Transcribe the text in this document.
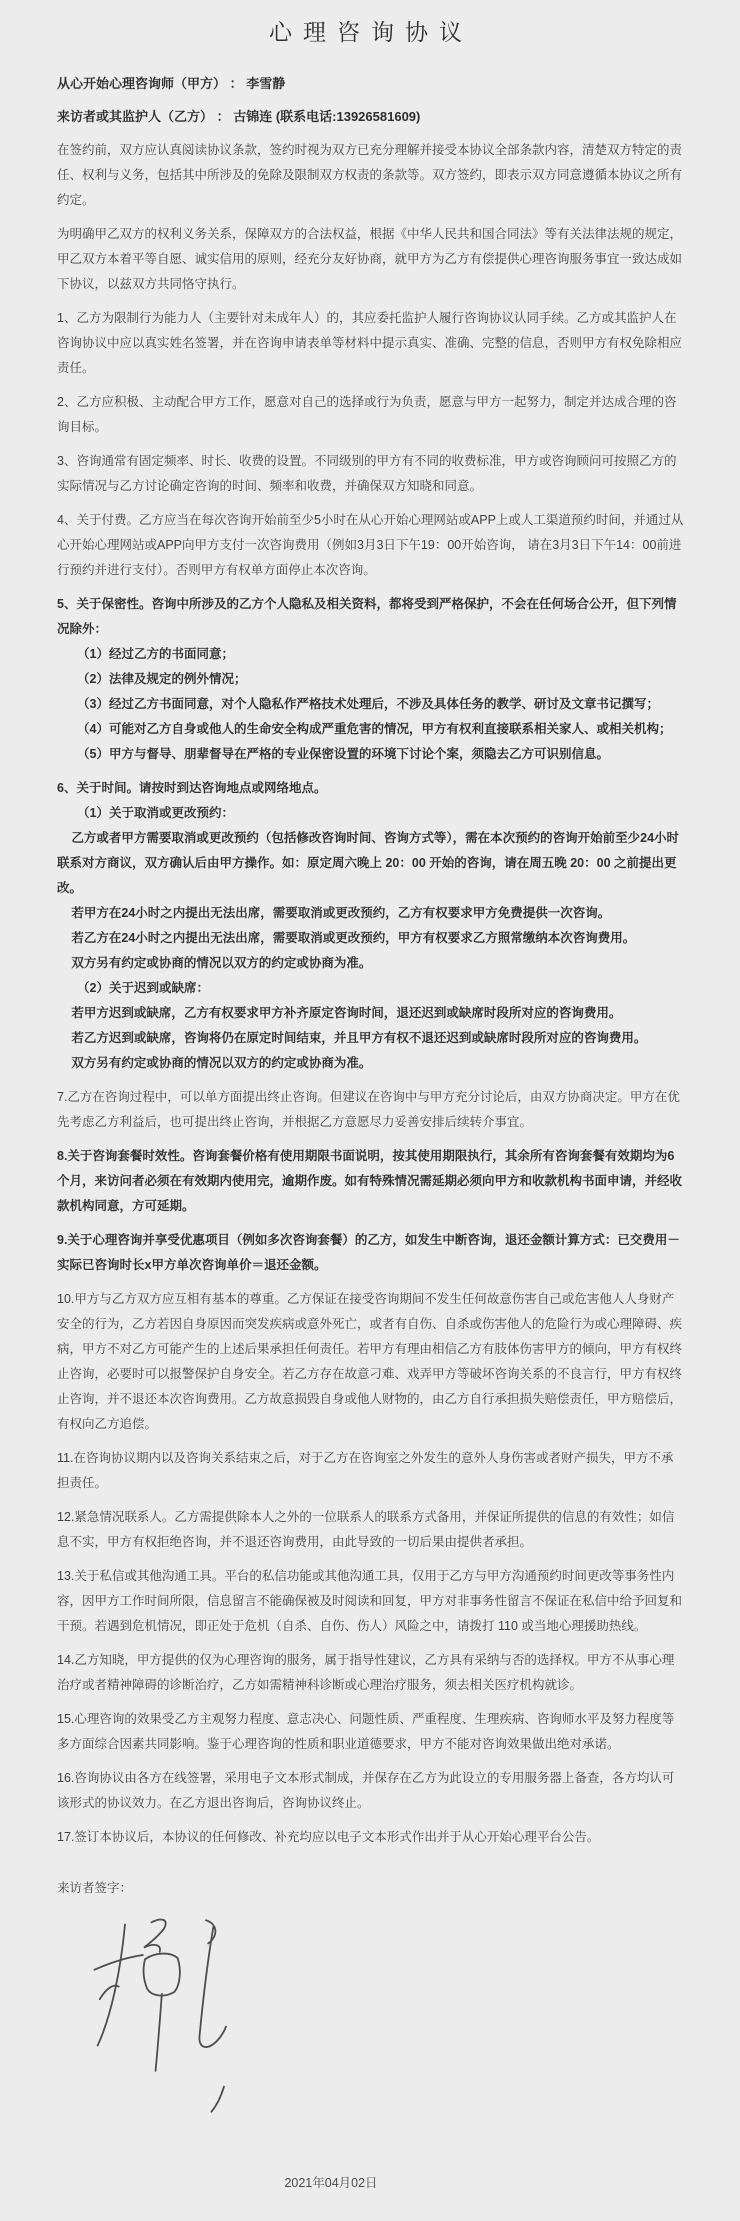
心理咨询协议

从心开始心理咨询师（甲方） ： 李雪静

来访者或其监护人（乙方） ： 古锦连 (联系电话:13926581609)

在签约前，双方应认真阅读协议条款，签约时视为双方已充分理解并接受本协议全部条款内容，清楚双方特定的责任、权利与义务，包括其中所涉及的免除及限制双方权责的条款等。双方签约，即表示双方同意遵循本协议之所有约定。

为明确甲乙双方的权利义务关系，保障双方的合法权益，根据《中华人民共和国合同法》等有关法律法规的规定，甲乙双方本着平等自愿、诚实信用的原则，经充分友好协商，就甲方为乙方有偿提供心理咨询服务事宜一致达成如下协议，以兹双方共同恪守执行。

1、乙方为限制行为能力人（主要针对未成年人）的，其应委托监护人履行咨询协议认同手续。乙方或其监护人在咨询协议中应以真实姓名签署，并在咨询申请表单等材料中提示真实、准确、完整的信息，否则甲方有权免除相应责任。

2、乙方应积极、主动配合甲方工作，愿意对自己的选择或行为负责，愿意与甲方一起努力，制定并达成合理的咨询目标。

3、咨询通常有固定频率、时长、收费的设置。不同级别的甲方有不同的收费标准，甲方或咨询顾问可按照乙方的实际情况与乙方讨论确定咨询的时间、频率和收费，并确保双方知晓和同意。

4、关于付费。乙方应当在每次咨询开始前至少5小时在从心开始心理网站或APP上或人工渠道预约时间，并通过从心开始心理网站或APP向甲方支付一次咨询费用（例如3月3日下午19：00开始咨询， 请在3月3日下午14：00前进行预约并进行支付）。否则甲方有权单方面停止本次咨询。

5、关于保密性。咨询中所涉及的乙方个人隐私及相关资料，都将受到严格保护，不会在任何场合公开，但下列情况除外：

（1）经过乙方的书面同意；

（2）法律及规定的例外情况；

（3）经过乙方书面同意，对个人隐私作严格技术处理后，不涉及具体任务的教学、研讨及文章书记撰写；

（4）可能对乙方自身或他人的生命安全构成严重危害的情况，甲方有权利直接联系相关家人、或相关机构；

（5）甲方与督导、朋辈督导在严格的专业保密设置的环境下讨论个案，须隐去乙方可识别信息。

6、关于时间。请按时到达咨询地点或网络地点。

（1）关于取消或更改预约：

乙方或者甲方需要取消或更改预约（包括修改咨询时间、咨询方式等），需在本次预约的咨询开始前至少24小时联系对方商议，双方确认后由甲方操作。如：原定周六晚上 20：00 开始的咨询，请在周五晚 20：00 之前提出更改。

若甲方在24小时之内提出无法出席，需要取消或更改预约，乙方有权要求甲方免费提供一次咨询。

若乙方在24小时之内提出无法出席，需要取消或更改预约，甲方有权要求乙方照常缴纳本次咨询费用。

双方另有约定或协商的情况以双方的约定或协商为准。

（2）关于迟到或缺席：

若甲方迟到或缺席，乙方有权要求甲方补齐原定咨询时间，退还迟到或缺席时段所对应的咨询费用。

若乙方迟到或缺席，咨询将仍在原定时间结束，并且甲方有权不退还迟到或缺席时段所对应的咨询费用。

双方另有约定或协商的情况以双方的约定或协商为准。

7.乙方在咨询过程中，可以单方面提出终止咨询。但建议在咨询中与甲方充分讨论后，由双方协商决定。甲方在优先考虑乙方利益后，也可提出终止咨询，并根据乙方意愿尽力妥善安排后续转介事宜。

8.关于咨询套餐时效性。咨询套餐价格有使用期限书面说明，按其使用期限执行，其余所有咨询套餐有效期均为6个月，来访问者必须在有效期内使用完，逾期作废。如有特殊情况需延期必须向甲方和收款机构书面申请，并经收款机构同意，方可延期。

9.关于心理咨询并享受优惠项目（例如多次咨询套餐）的乙方，如发生中断咨询，退还金额计算方式：已交费用－实际已咨询时长x甲方单次咨询单价＝退还金额。

10.甲方与乙方双方应互相有基本的尊重。乙方保证在接受咨询期间不发生任何故意伤害自己或危害他人人身财产安全的行为，乙方若因自身原因而突发疾病或意外死亡，或者有自伤、自杀或伤害他人的危险行为或心理障碍、疾病，甲方不对乙方可能产生的上述后果承担任何责任。若甲方有理由相信乙方有肢体伤害甲方的倾向，甲方有权终止咨询，必要时可以报警保护自身安全。若乙方存在故意刁难、戏弄甲方等破坏咨询关系的不良言行，甲方有权终止咨询，并不退还本次咨询费用。乙方故意损毁自身或他人财物的，由乙方自行承担损失赔偿责任，甲方赔偿后，有权向乙方追偿。

11.在咨询协议期内以及咨询关系结束之后，对于乙方在咨询室之外发生的意外人身伤害或者财产损失，甲方不承担责任。

12.紧急情况联系人。乙方需提供除本人之外的一位联系人的联系方式备用，并保证所提供的信息的有效性；如信息不实，甲方有权拒绝咨询，并不退还咨询费用，由此导致的一切后果由提供者承担。

13.关于私信或其他沟通工具。平台的私信功能或其他沟通工具，仅用于乙方与甲方沟通预约时间更改等事务性内容，因甲方工作时间所限，信息留言不能确保被及时阅读和回复，甲方对非事务性留言不保证在私信中给予回复和干预。若遇到危机情况，即正处于危机（自杀、自伤、伤人）风险之中，请拨打 110 或当地心理援助热线。

14.乙方知晓，甲方提供的仅为心理咨询的服务，属于指导性建议，乙方具有采纳与否的选择权。甲方不从事心理治疗或者精神障碍的诊断治疗，乙方如需精神科诊断或心理治疗服务，须去相关医疗机构就诊。

15.心理咨询的效果受乙方主观努力程度、意志决心、问题性质、严重程度、生理疾病、咨询师水平及努力程度等多方面综合因素共同影响。鉴于心理咨询的性质和职业道德要求，甲方不能对咨询效果做出绝对承诺。

16.咨询协议由各方在线签署，采用电子文本形式制成，并保存在乙方为此设立的专用服务器上备查，各方均认可该形式的协议效力。在乙方退出咨询后，咨询协议终止。

17.签订本协议后，本协议的任何修改、补充均应以电子文本形式作出并于从心开始心理平台公告。

来访者签字：

2021年04月02日
